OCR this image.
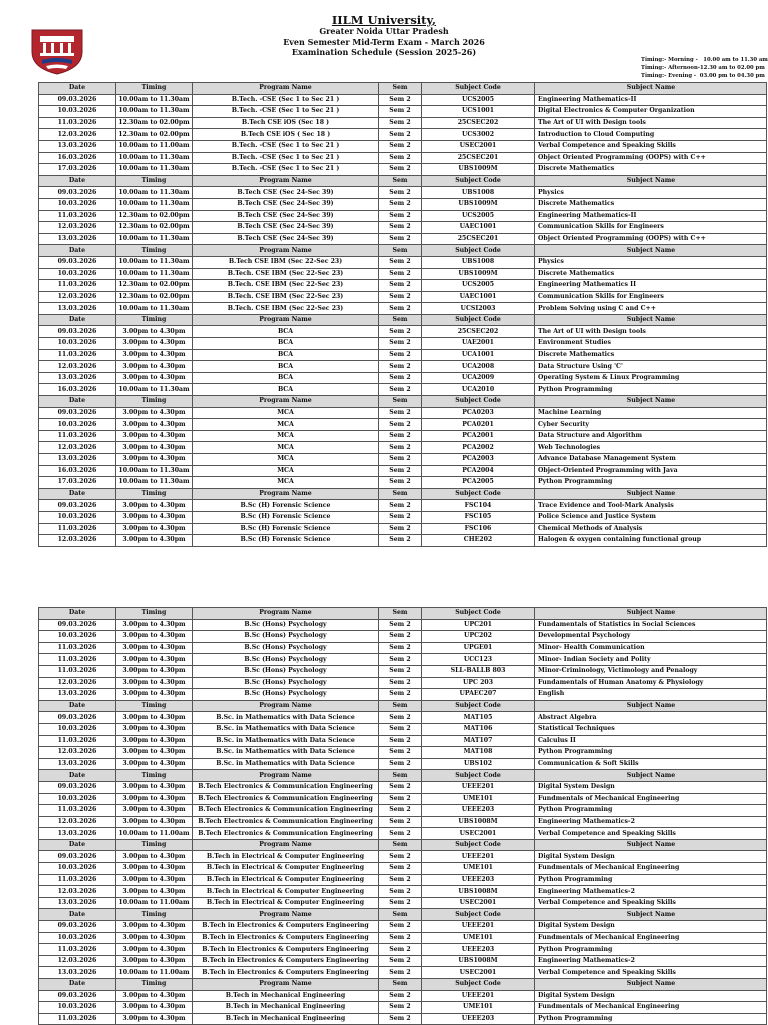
IILM University,
Greater Noida Uttar Pradesh
Even Semester Mid-Term Exam - March 2026
Examination Schedule (Session 2025-26)
Timing:- Morning -   10.00 am to 11.30 am
Timing:- Afternoon-12.30 am to 02.00 pm
Timing:- Evening -  03.00 pm to 04.30 pm
Date	Timing	Program Name	Sem	Subject Code	Subject Name
09.03.2026	10.00am to 11.30am	B.Tech. -CSE (Sec 1 to Sec 21 )	Sem 2	UCS2005	Engineering Mathematics-II
10.03.2026	10.00am to 11.30am	B.Tech. -CSE (Sec 1 to Sec 21 )	Sem 2	UCS1001	Digital Electronics & Computer Organization
11.03.2026	12.30am to 02.00pm	B.Tech CSE iOS (Sec 18 )	Sem 2	25CSEC202	The Art of UI with Design tools
12.03.2026	12.30am to 02.00pm	B.Tech CSE iOS ( Sec 18 )	Sem 2	UCS3002	Introduction to Cloud Computing
13.03.2026	10.00am to 11.00am	B.Tech. -CSE (Sec 1 to Sec 21 )	Sem 2	USEC2001	Verbal Competence and Speaking Skills
16.03.2026	10.00am to 11.30am	B.Tech. -CSE (Sec 1 to Sec 21 )	Sem 2	25CSEC201	Object Oriented Programming (OOPS) with C++
17.03.2026	10.00am to 11.30am	B.Tech. -CSE (Sec 1 to Sec 21 )	Sem 2	UBS1009M	Discrete Mathematics
Date	Timing	Program Name	Sem	Subject Code	Subject Name
09.03.2026	10.00am to 11.30am	B.Tech CSE (Sec 24-Sec 39)	Sem 2	UBS1008	Physics
10.03.2026	10.00am to 11.30am	B.Tech CSE (Sec 24-Sec 39)	Sem 2	UBS1009M	Discrete Mathematics
11.03.2026	12.30am to 02.00pm	B.Tech CSE (Sec 24-Sec 39)	Sem 2	UCS2005	Engineering Mathematics-II
12.03.2026	12.30am to 02.00pm	B.Tech CSE (Sec 24-Sec 39)	Sem 2	UAEC1001	Communication Skills for Engineers
13.03.2026	10.00am to 11.30am	B.Tech CSE (Sec 24-Sec 39)	Sem 2	25CSEC201	Object Oriented Programming (OOPS) with C++
Date	Timing	Program Name	Sem	Subject Code	Subject Name
09.03.2026	10.00am to 11.30am	B.Tech CSE IBM (Sec 22-Sec 23)	Sem 2	UBS1008	Physics
10.03.2026	10.00am to 11.30am	B.Tech. CSE IBM (Sec 22-Sec 23)	Sem 2	UBS1009M	Discrete Mathematics
11.03.2026	12.30am to 02.00pm	B.Tech. CSE IBM (Sec 22-Sec 23)	Sem 2	UCS2005	Engineering Mathematics II
12.03.2026	12.30am to 02.00pm	B.Tech. CSE IBM (Sec 22-Sec 23)	Sem 2	UAEC1001	Communication Skills for Engineers
13.03.2026	10.00am to 11.30am	B.Tech. CSE IBM (Sec 22-Sec 23)	Sem 2	UCSI2003	Problem Solving using C and C++
Date	Timing	Program Name	Sem	Subject Code	Subject Name
09.03.2026	3.00pm to 4.30pm	BCA	Sem 2	25CSEC202	The Art of UI with Design tools
10.03.2026	3.00pm to 4.30pm	BCA	Sem 2	UAE2001	Environment Studies
11.03.2026	3.00pm to 4.30pm	BCA	Sem 2	UCA1001	Discrete Mathematics
12.03.2026	3.00pm to 4.30pm	BCA	Sem 2	UCA2008	Data Structure Using 'C'
13.03.2026	3.00pm to 4.30pm	BCA	Sem 2	UCA2009	Operating System & Linux Programming
16.03.2026	10.00am to 11.30am	BCA	Sem 2	UCA2010	Python Programming
Date	Timing	Program Name	Sem	Subject Code	Subject Name
09.03.2026	3.00pm to 4.30pm	MCA	Sem 2	PCA0203	Machine Learning
10.03.2026	3.00pm to 4.30pm	MCA	Sem 2	PCA0201	Cyber Security
11.03.2026	3.00pm to 4.30pm	MCA	Sem 2	PCA2001	Data Structure and Algorithm
12.03.2026	3.00pm to 4.30pm	MCA	Sem 2	PCA2002	Web Technologies
13.03.2026	3.00pm to 4.30pm	MCA	Sem 2	PCA2003	Advance Database Management System
16.03.2026	10.00am to 11.30am	MCA	Sem 2	PCA2004	Object-Oriented Programming with Java
17.03.2026	10.00am to 11.30am	MCA	Sem 2	PCA2005	Python Programming
Date	Timing	Program Name	Sem	Subject Code	Subject Name
09.03.2026	3.00pm to 4.30pm	B.Sc (H) Forensic Science	Sem 2	FSC104	Trace Evidence and Tool-Mark Analysis
10.03.2026	3.00pm to 4.30pm	B.Sc (H) Forensic Science	Sem 2	FSC105	Police Science and Justice System
11.03.2026	3.00pm to 4.30pm	B.Sc (H) Forensic Science	Sem 2	FSC106	Chemical Methods of Analysis
12.03.2026	3.00pm to 4.30pm	B.Sc (H) Forensic Science	Sem 2	CHE202	Halogen & oxygen containing functional group
Date	Timing	Program Name	Sem	Subject Code	Subject Name
09.03.2026	3.00pm to 4.30pm	B.Sc (Hons) Psychology	Sem 2	UPC201	Fundamentals of Statistics in Social Sciences
10.03.2026	3.00pm to 4.30pm	B.Sc (Hons) Psychology	Sem 2	UPC202	Developmental Psychology
11.03.2026	3.00pm to 4.30pm	B.Sc (Hons) Psychology	Sem 2	UPGE01	Minor- Health Communication
11.03.2026	3.00pm to 4.30pm	B.Sc (Hons) Psychology	Sem 2	UCC123	Minor- Indian Society and Polity
11.03.2026	3.00pm to 4.30pm	B.Sc (Hons) Psychology	Sem 2	SLL-BALLB 803	Minor-Criminology, Victimology and Penalogy
12.03.2026	3.00pm to 4.30pm	B.Sc (Hons) Psychology	Sem 2	UPC 203	Fundamentals of Human Anatomy & Physiology
13.03.2026	3.00pm to 4.30pm	B.Sc (Hons) Psychology	Sem 2	UPAEC207	English
Date	Timing	Program Name	Sem	Subject Code	Subject Name
09.03.2026	3.00pm to 4.30pm	B.Sc. in Mathematics with Data Science	Sem 2	MAT105	Abstract Algebra
10.03.2026	3.00pm to 4.30pm	B.Sc. in Mathematics with Data Science	Sem 2	MAT106	Statistical Techniques
11.03.2026	3.00pm to 4.30pm	B.Sc. in Mathematics with Data Science	Sem 2	MAT107	Calculus II
12.03.2026	3.00pm to 4.30pm	B.Sc. in Mathematics with Data Science	Sem 2	MAT108	Python Programming
13.03.2026	3.00pm to 4.30pm	B.Sc. in Mathematics with Data Science	Sem 2	UBS102	Communication & Soft Skills
Date	Timing	Program Name	Sem	Subject Code	Subject Name
09.03.2026	3.00pm to 4.30pm	B.Tech Electronics & Communication Engineering	Sem 2	UEEE201	Digital System Design
10.03.2026	3.00pm to 4.30pm	B.Tech Electronics & Communication Engineering	Sem 2	UME101	Fundmentals of Mechanical Engineering
11.03.2026	3.00pm to 4.30pm	B.Tech Electronics & Communication Engineering	Sem 2	UEEE203	Python Programming
12.03.2026	3.00pm to 4.30pm	B.Tech Electronics & Communication Engineering	Sem 2	UBS1008M	Engineering Mathematics-2
13.03.2026	10.00am to 11.00am	B.Tech Electronics & Communication Engineering	Sem 2	USEC2001	Verbal Competence and Speaking Skills
Date	Timing	Program Name	Sem	Subject Code	Subject Name
09.03.2026	3.00pm to 4.30pm	B.Tech in Electrical & Computer Engineering	Sem 2	UEEE201	Digital System Design
10.03.2026	3.00pm to 4.30pm	B.Tech in Electrical & Computer Engineering	Sem 2	UME101	Fundmentals of Mechanical Engineering
11.03.2026	3.00pm to 4.30pm	B.Tech in Electrical & Computer Engineering	Sem 2	UEEE203	Python Programming
12.03.2026	3.00pm to 4.30pm	B.Tech in Electrical & Computer Engineering	Sem 2	UBS1008M	Engineering Mathematics-2
13.03.2026	10.00am to 11.00am	B.Tech in Electrical & Computer Engineering	Sem 2	USEC2001	Verbal Competence and Speaking Skills
Date	Timing	Program Name	Sem	Subject Code	Subject Name
09.03.2026	3.00pm to 4.30pm	B.Tech in Electronics & Computers Engineering	Sem 2	UEEE201	Digital System Design
10.03.2026	3.00pm to 4.30pm	B.Tech in Electronics & Computers Engineering	Sem 2	UME101	Fundmentals of Mechanical Engineering
11.03.2026	3.00pm to 4.30pm	B.Tech in Electronics & Computers Engineering	Sem 2	UEEE203	Python Programming
12.03.2026	3.00pm to 4.30pm	B.Tech in Electronics & Computers Engineering	Sem 2	UBS1008M	Engineering Mathematics-2
13.03.2026	10.00am to 11.00am	B.Tech in Electronics & Computers Engineering	Sem 2	USEC2001	Verbal Competence and Speaking Skills
Date	Timing	Program Name	Sem	Subject Code	Subject Name
09.03.2026	3.00pm to 4.30pm	B.Tech in Mechanical Engineering	Sem 2	UEEE201	Digital System Design
10.03.2026	3.00pm to 4.30pm	B.Tech in Mechanical Engineering	Sem 2	UME101	Fundmentals of Mechanical Engineering
11.03.2026	3.00pm to 4.30pm	B.Tech in Mechanical Engineering	Sem 2	UEEE203	Python Programming
